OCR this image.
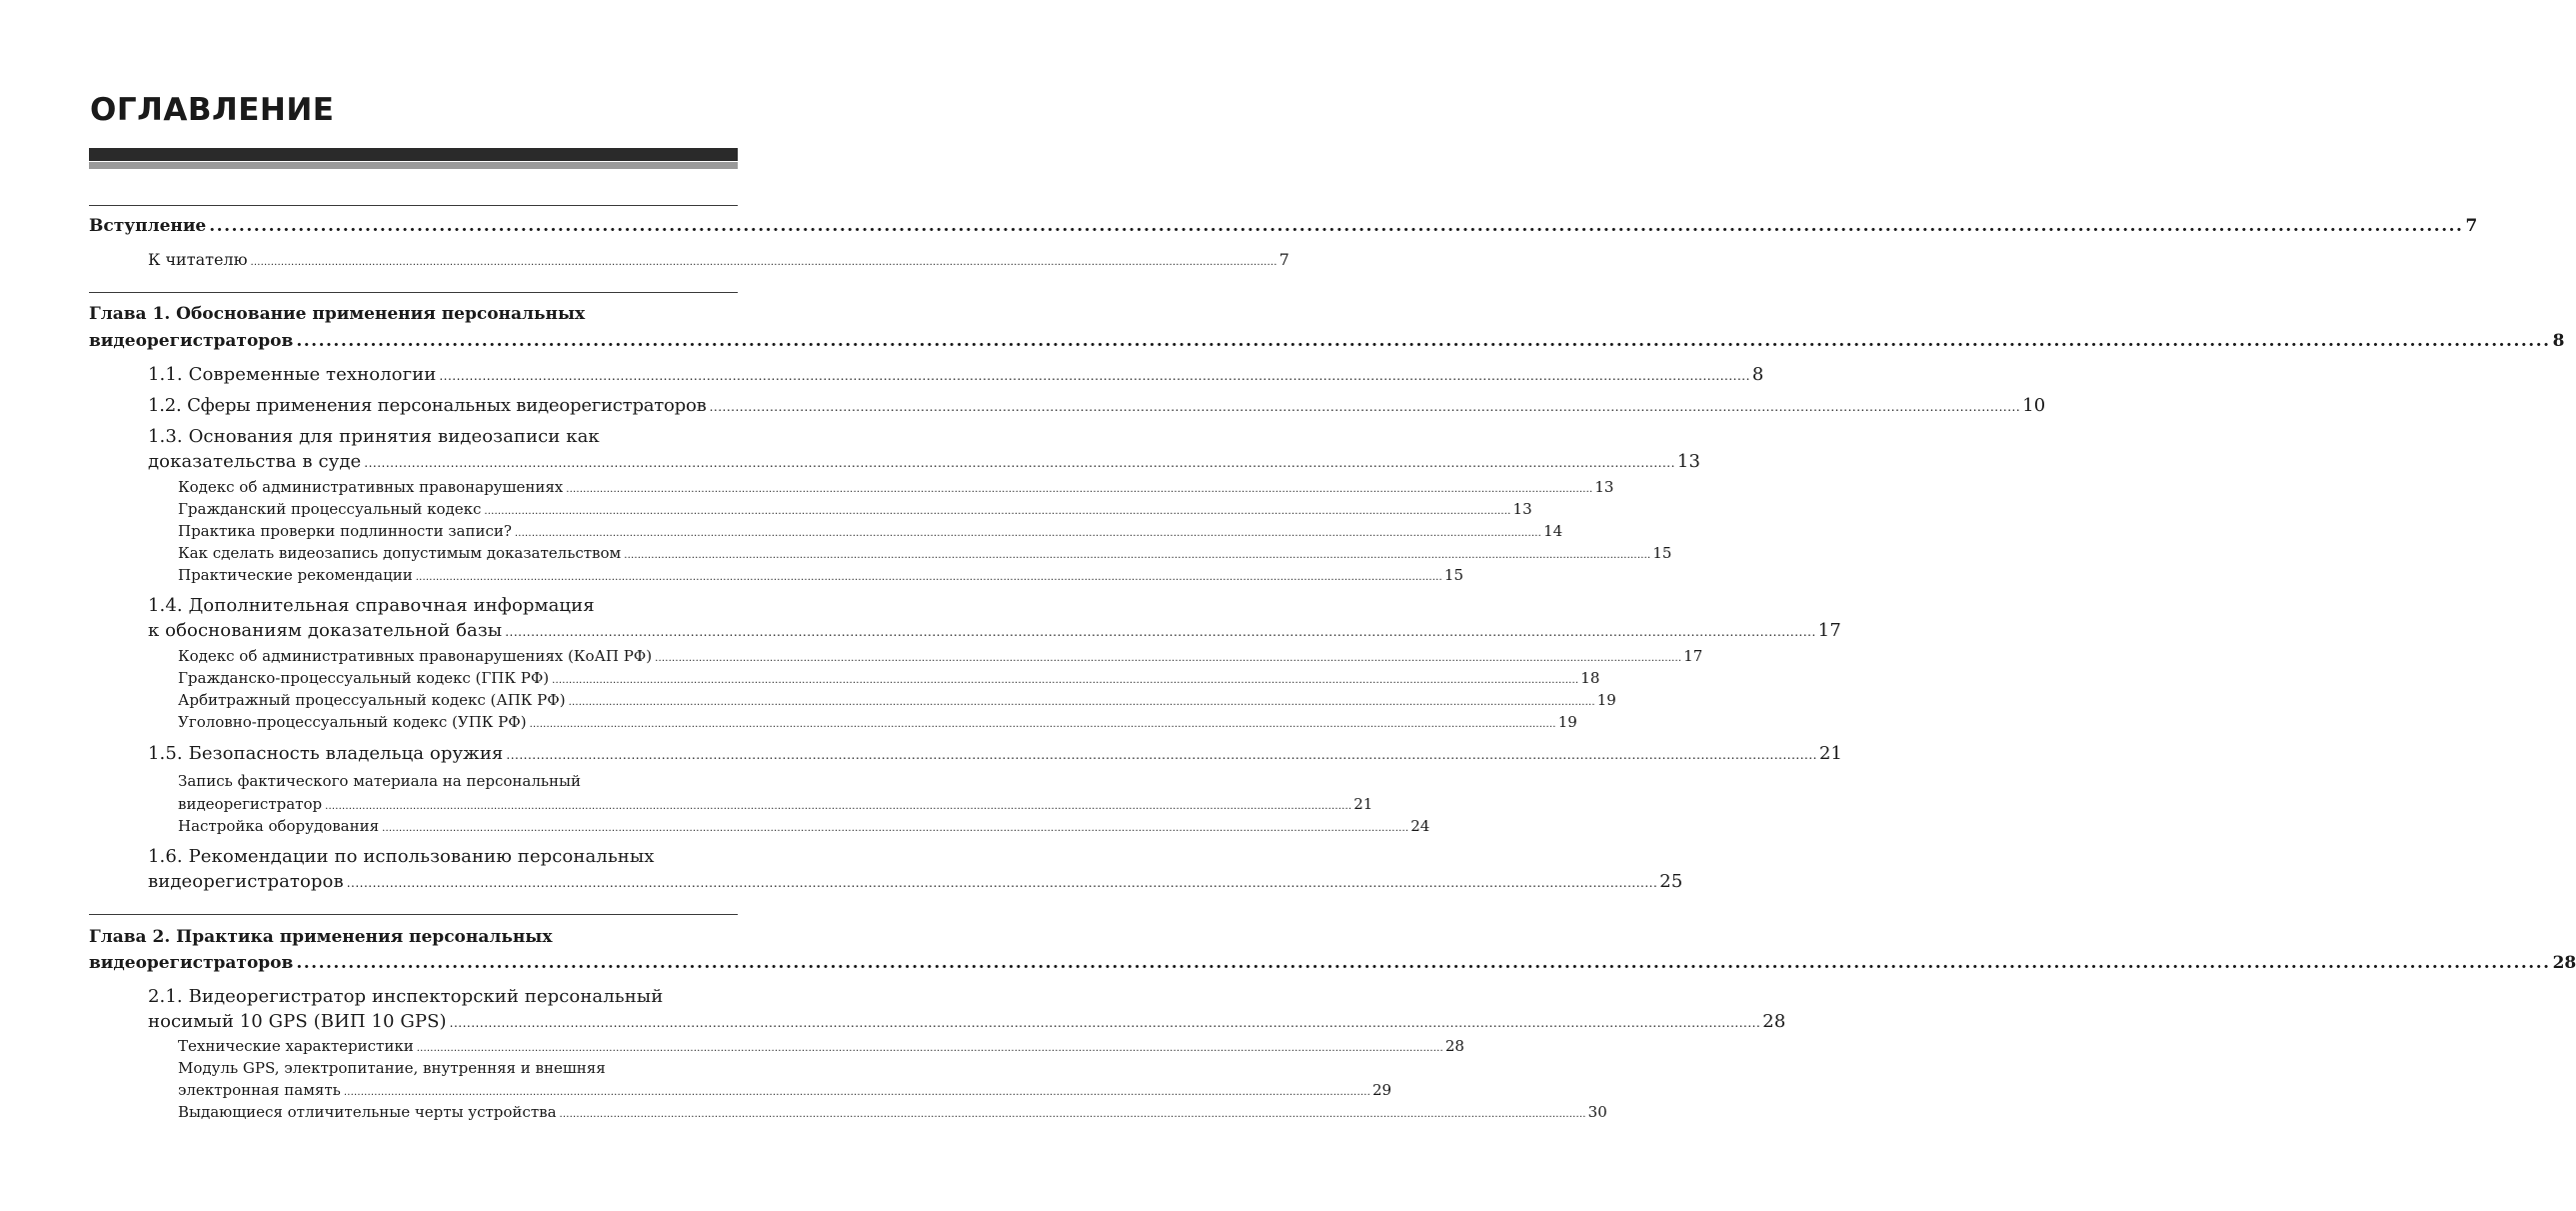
ОГЛАВЛЕНИЕ
Вступление ................................................................................................................................................................................................................................................................................................................ 7
К читателю ................................................................................................................................................................................................................................................................................................................ 7
Глава 1. Обоснование применения персональных
видеорегистраторов ................................................................................................................................................................................................................................................................................................................ 8
1.1. Современные технологии ................................................................................................................................................................................................................................................................................................................ 8
1.2. Сферы применения персональных видеорегистраторов ................................................................................................................................................................................................................................................................................................................ 10
1.3. Основания для принятия видеозаписи как
доказательства в суде ................................................................................................................................................................................................................................................................................................................ 13
Кодекс об административных правонарушениях ................................................................................................................................................................................................................................................................................................................ 13
Гражданский процессуальный кодекс ................................................................................................................................................................................................................................................................................................................ 13
Практика проверки подлинности записи? ................................................................................................................................................................................................................................................................................................................ 14
Как сделать видеозапись допустимым доказательством ................................................................................................................................................................................................................................................................................................................ 15
Практические рекомендации ................................................................................................................................................................................................................................................................................................................ 15
1.4. Дополнительная справочная информация
к обоснованиям доказательной базы ................................................................................................................................................................................................................................................................................................................ 17
Кодекс об административных правонарушениях (КоАП РФ) ................................................................................................................................................................................................................................................................................................................ 17
Гражданско-процессуальный кодекс (ГПК РФ) ................................................................................................................................................................................................................................................................................................................ 18
Арбитражный процессуальный кодекс (АПК РФ) ................................................................................................................................................................................................................................................................................................................ 19
Уголовно-процессуальный кодекс (УПК РФ) ................................................................................................................................................................................................................................................................................................................ 19
1.5. Безопасность владельца оружия ................................................................................................................................................................................................................................................................................................................ 21
Запись фактического материала на персональный
видеорегистратор ................................................................................................................................................................................................................................................................................................................ 21
Настройка оборудования ................................................................................................................................................................................................................................................................................................................ 24
1.6. Рекомендации по использованию персональных
видеорегистраторов ................................................................................................................................................................................................................................................................................................................ 25
Глава 2. Практика применения персональных
видеорегистраторов ................................................................................................................................................................................................................................................................................................................ 28
2.1. Видеорегистратор инспекторский персональный
носимый 10 GPS (ВИП 10 GPS) ................................................................................................................................................................................................................................................................................................................ 28
Технические характеристики ................................................................................................................................................................................................................................................................................................................ 28
Модуль GPS, электропитание, внутренняя и внешняя
электронная память ................................................................................................................................................................................................................................................................................................................ 29
Выдающиеся отличительные черты устройства ................................................................................................................................................................................................................................................................................................................ 30
